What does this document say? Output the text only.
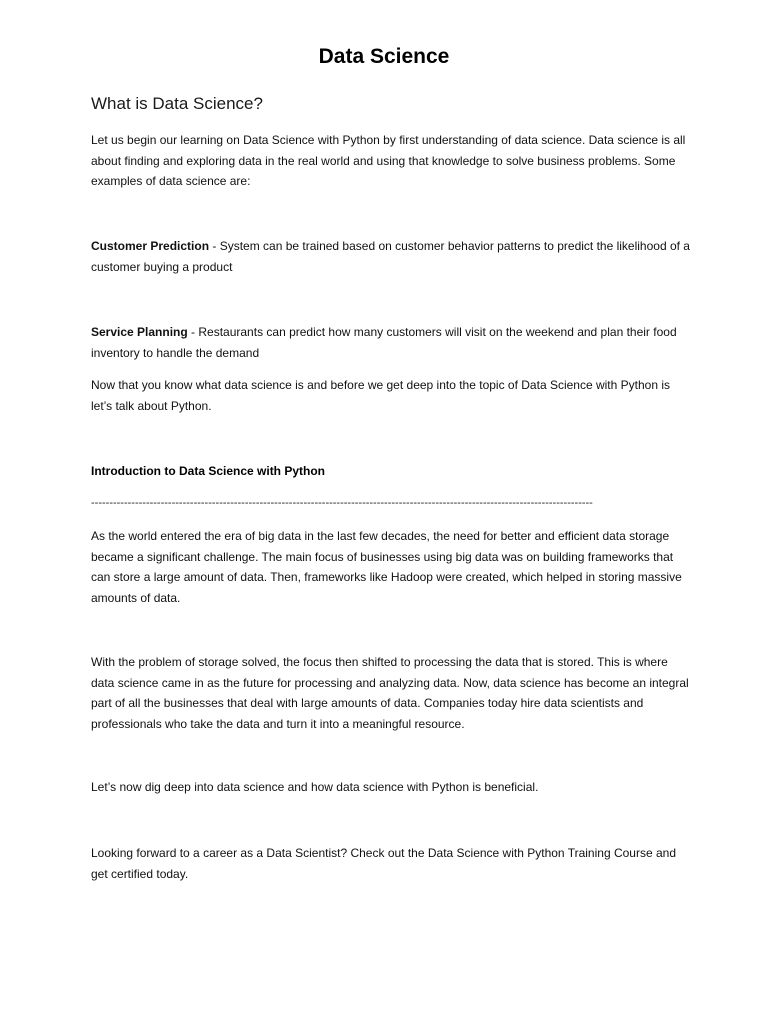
Data Science
What is Data Science?

Let us begin our learning on Data Science with Python by first understanding of data science. Data science is all about finding and exploring data in the real world and using that knowledge to solve business problems. Some examples of data science are:

Customer Prediction - System can be trained based on customer behavior patterns to predict the likelihood of a customer buying a product

Service Planning - Restaurants can predict how many customers will visit on the weekend and plan their food inventory to handle the demand

Now that you know what data science is and before we get deep into the topic of Data Science with Python is let’s talk about Python.

Introduction to Data Science with Python
-----------------------------------------------------------------------------------------------------------------------------------------

As the world entered the era of big data in the last few decades, the need for better and efficient data storage became a significant challenge. The main focus of businesses using big data was on building frameworks that can store a large amount of data. Then, frameworks like Hadoop were created, which helped in storing massive amounts of data.

With the problem of storage solved, the focus then shifted to processing the data that is stored. This is where data science came in as the future for processing and analyzing data. Now, data science has become an integral part of all the businesses that deal with large amounts of data. Companies today hire data scientists and professionals who take the data and turn it into a meaningful resource.

Let’s now dig deep into data science and how data science with Python is beneficial.

Looking forward to a career as a Data Scientist? Check out the Data Science with Python Training Course and get certified today.
